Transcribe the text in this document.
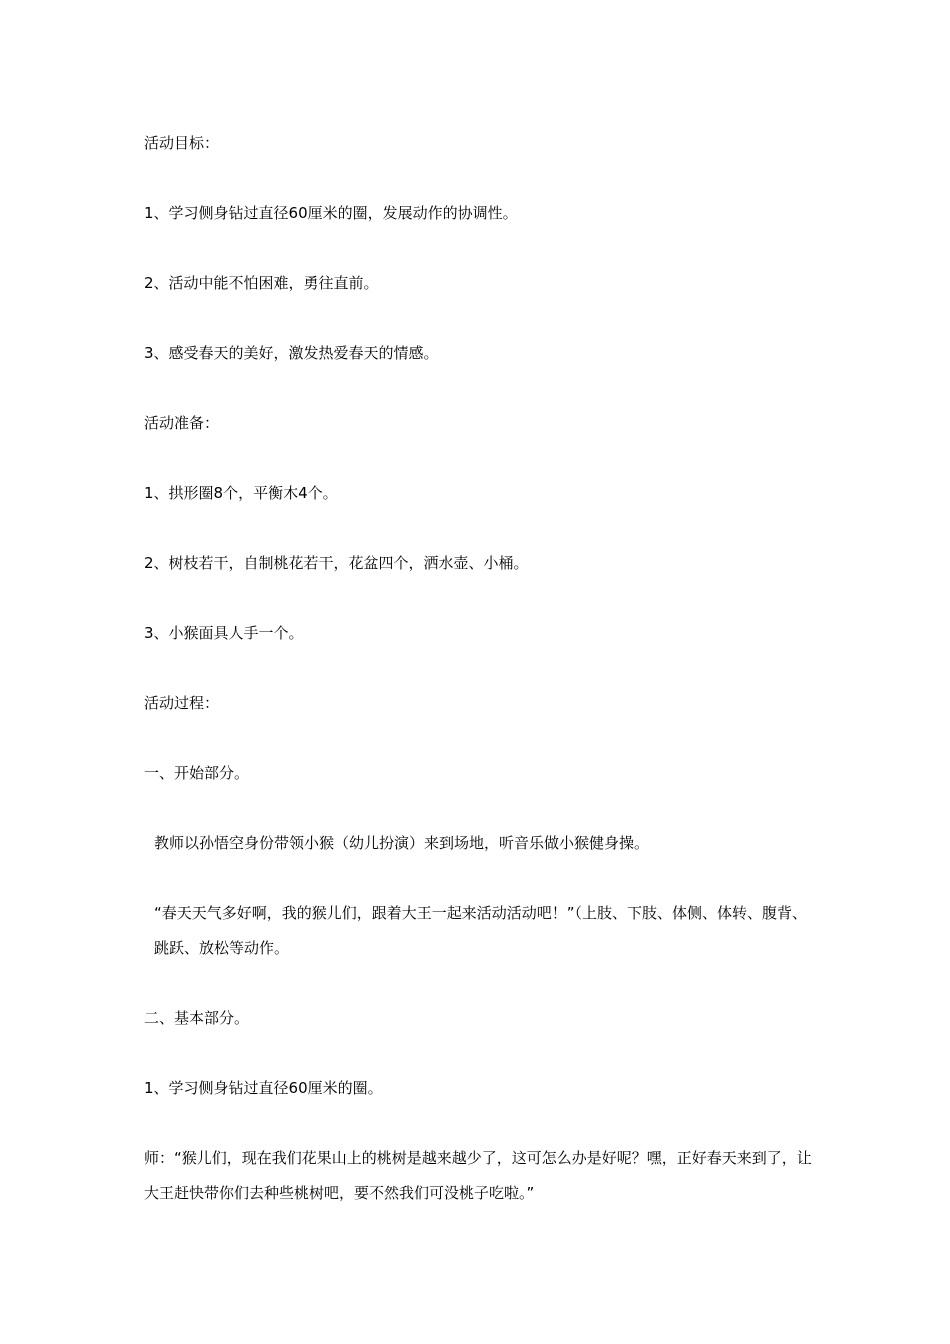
活动目标：

1、学习侧身钻过直径60厘米的圈，发展动作的协调性。

2、活动中能不怕困难，勇往直前。

3、感受春天的美好，激发热爱春天的情感。

活动准备：

1、拱形圈8个，平衡木4个。

2、树枝若干，自制桃花若干，花盆四个，洒水壶、小桶。

3、小猴面具人手一个。

活动过程：

一、开始部分。

教师以孙悟空身份带领小猴（幼儿扮演）来到场地，听音乐做小猴健身操。

“春天天气多好啊，我的猴儿们，跟着大王一起来活动活动吧！”（上肢、下肢、体侧、体转、腹背、跳跃、放松等动作。

二、基本部分。

1、学习侧身钻过直径60厘米的圈。

师：“猴儿们，现在我们花果山上的桃树是越来越少了，这可怎么办是好呢？嘿，正好春天来到了，让大王赶快带你们去种些桃树吧，要不然我们可没桃子吃啦。”
